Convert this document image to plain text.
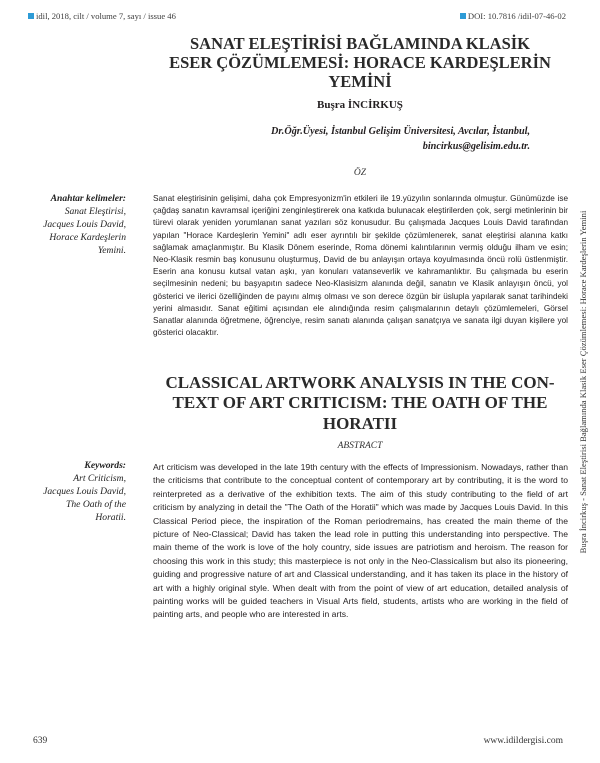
idil, 2018, cilt / volume 7, sayı / issue 46	DOI: 10.7816 /idil-07-46-02
SANAT ELEŞTİRİSİ BAĞLAMINDA KLASİK
ESER ÇÖZÜMLEMESİ: HORACE KARDEŞLERİN
YEMİNİ
Buşra İNCİRKUŞ
Dr.Öğr.Üyesi, İstanbul Gelişim Üniversitesi, Avcılar, İstanbul,
bincirkus@gelisim.edu.tr.
ÖZ
Anahtar kelimeler:
Sanat Eleştirisi,
Jacques Louis David,
Horace Kardeşlerin
Yemini.
Sanat eleştirisinin gelişimi, daha çok Empresyonizm'in etkileri ile 19.yüzyılın sonlarında olmuştur. Günümüzde ise çağdaş sanatın kavramsal içeriğini zenginleştirerek ona katkıda bulunacak eleştirilerden çok, sergi metinlerinin bir türevi olarak yeniden yorumlanan sanat yazıları söz konusudur. Bu çalışmada Jacques Louis David tarafından yapılan "Horace Kardeşlerin Yemini" adlı eser ayrıntılı bir şekilde çözümlenerek, sanat eleştirisi alanına katkı sağlamak amaçlanmıştır. Bu Klasik Dönem eserinde, Roma dönemi kalıntılarının vermiş olduğu ilham ve esin; Neo-Klasik resmin baş konusunu oluşturmuş, David de bu anlayışın ortaya koyulmasında öncü rolü üstlenmiştir. Eserin ana konusu kutsal vatan aşkı, yan konuları vatanseverlik ve kahramanlıktır. Bu çalışmada bu eserin seçilmesinin nedeni; bu başyapıtın sadece Neo-Klasisizm alanında değil, sanatın ve Klasik anlayışın öncü, yol gösterici ve ilerici özelliğinden de payını almış olması ve son derece özgün bir üslupla yapılarak sanat tarihindeki yerini almasıdır. Sanat eğitimi açısından ele alındığında resim çalışmalarının detaylı çözümlemeleri, Görsel Sanatlar alanında öğretmene, öğrenciye, resim sanatı alanında çalışan sanatçıya ve sanata ilgi duyan kişilere yol gösterici olacaktır.
CLASSICAL ARTWORK ANALYSIS IN THE CON-
TEXT OF ART CRITICISM: THE OATH OF THE
HORATII
ABSTRACT
Keywords:
Art Criticism,
Jacques Louis David,
The Oath of the
Horatii.
Art criticism was developed in the late 19th century with the effects of Impressionism. Nowadays, rather than the criticisms that contribute to the conceptual content of contemporary art by contributing, it is the word to reinterpreted as a derivative of the exhibition texts. The aim of this study contributing to the field of art criticism by analyzing in detail the "The Oath of the Horatii" which was made by Jacques Louis David. In this Classical Period piece, the inspiration of the Roman periodremains, has created the main theme of the picture of Neo-Classical; David has taken the lead role in putting this understanding into perspective. The main theme of the work is love of the holy country, side issues are patriotism and heroism. The reason for choosing this work in this study; this masterpiece is not only in the Neo-Classicalism but also its pioneering, guiding and progressive nature of art and Classical understanding, and it has taken its place in the history of art with a highly original style. When dealt with from the point of view of art education, detailed analysis of painting works will be guided teachers in Visual Arts field, students, artists who are working in the field of painting arts, and people who are interested in arts.
Buşra İncirkuş - Sanat Eleştirisi Bağlamında Klasik Eser Çözümlemesi: Horace Kardeşlerin Yemini
639	www.idildergisi.com
